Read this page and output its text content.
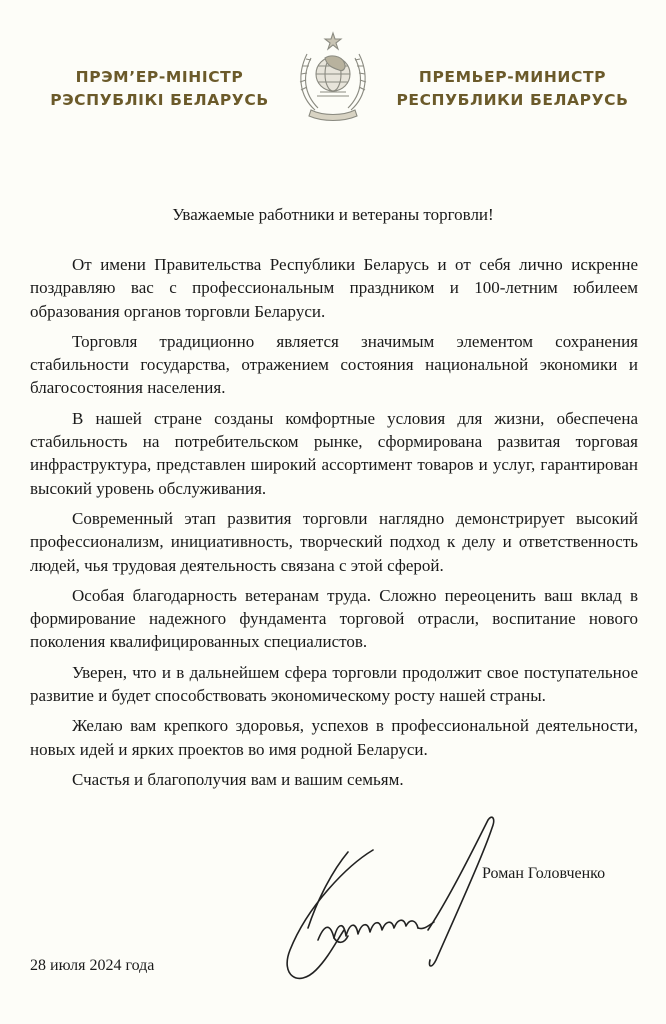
ПРЭМ’ЕР-МІНІСТР
РЭСПУБЛІКІ БЕЛАРУСЬ
ПРЕМЬЕР-МИНИСТР
РЕСПУБЛИКИ БЕЛАРУСЬ
Уважаемые работники и ветераны торговли!

От имени Правительства Республики Беларусь и от себя лично искренне поздравляю вас с профессиональным праздником и 100-летним юбилеем образования органов торговли Беларуси.

Торговля традиционно является значимым элементом сохранения стабильности государства, отражением состояния национальной экономики и благосостояния населения.

В нашей стране созданы комфортные условия для жизни, обеспечена стабильность на потребительском рынке, сформирована развитая торговая инфраструктура, представлен широкий ассортимент товаров и услуг, гарантирован высокий уровень обслуживания.

Современный этап развития торговли наглядно демонстрирует высокий профессионализм, инициативность, творческий подход к делу и ответственность людей, чья трудовая деятельность связана с этой сферой.

Особая благодарность ветеранам труда. Сложно переоценить ваш вклад в формирование надежного фундамента торговой отрасли, воспитание нового поколения квалифицированных специалистов.

Уверен, что и в дальнейшем сфера торговли продолжит свое поступательное развитие и будет способствовать экономическому росту нашей страны.

Желаю вам крепкого здоровья, успехов в профессиональной деятельности, новых идей и ярких проектов во имя родной Беларуси.

Счастья и благополучия вам и вашим семьям.

Роман Головченко
28 июля 2024 года
